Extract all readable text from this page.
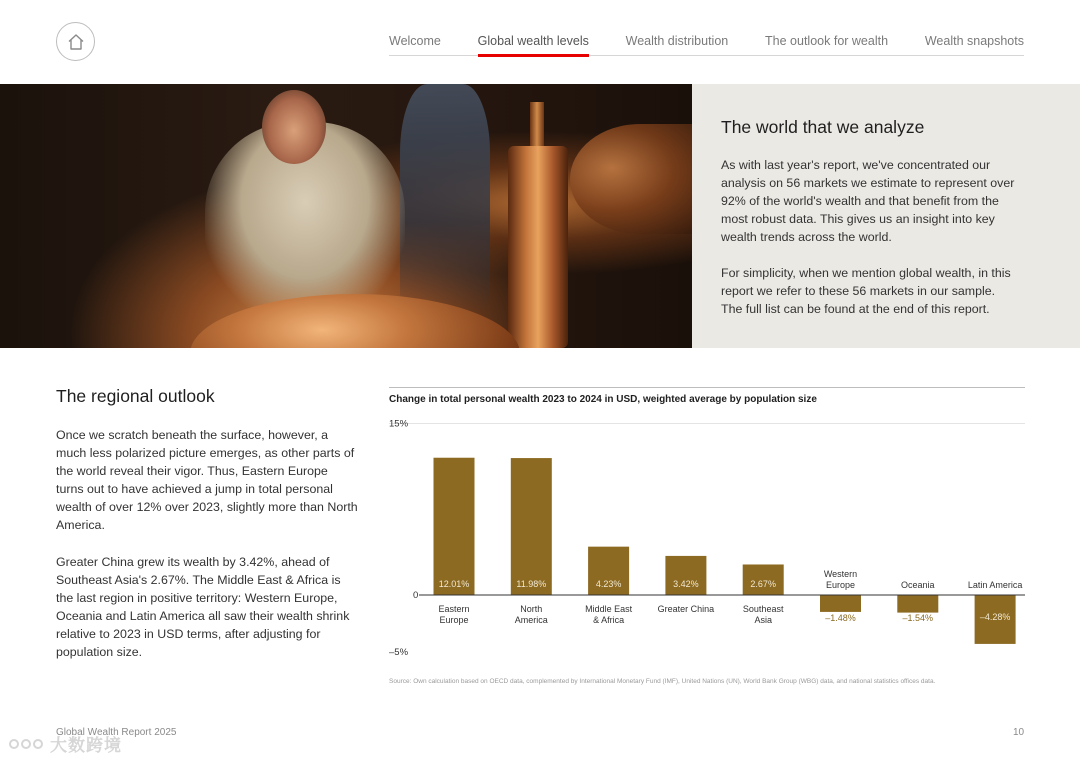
Welcome	Global wealth levels	Wealth distribution	The outlook for wealth	Wealth snapshots
The world that we analyze

As with last year's report, we've concentrated our analysis on 56 markets we estimate to represent over 92% of the world's wealth and that benefit from the most robust data. This gives us an insight into key wealth trends across the world.

For simplicity, when we mention global wealth, in this report we refer to these 56 markets in our sample. The full list can be found at the end of this report.

The regional outlook

Once we scratch beneath the surface, however, a much less polarized picture emerges, as other parts of the world reveal their vigor. Thus, Eastern Europe turns out to have achieved a jump in total personal wealth of over 12% over 2023, slightly more than North America.

Greater China grew its wealth by 3.42%, ahead of Southeast Asia's 2.67%. The Middle East & Africa is the last region in positive territory: Western Europe, Oceania and Latin America all saw their wealth shrink relative to 2023 in USD terms, after adjusting for population size.

Change in total personal wealth 2023 to 2024 in USD, weighted average by population size
15%
0
–5%
12.01%
Eastern
Europe
11.98%
North
America
4.23%
Middle East
& Africa
3.42%
Greater China
2.67%
Southeast
Asia	–1.48%
Western
Europe
–1.54%
Oceania
–4.28%
Latin America
Source: Own calculation based on OECD data, complemented by International Monetary Fund (IMF), United Nations (UN), World Bank Group (WBG) data, and national statistics offices data.
Global Wealth Report 2025	10
大数跨境
